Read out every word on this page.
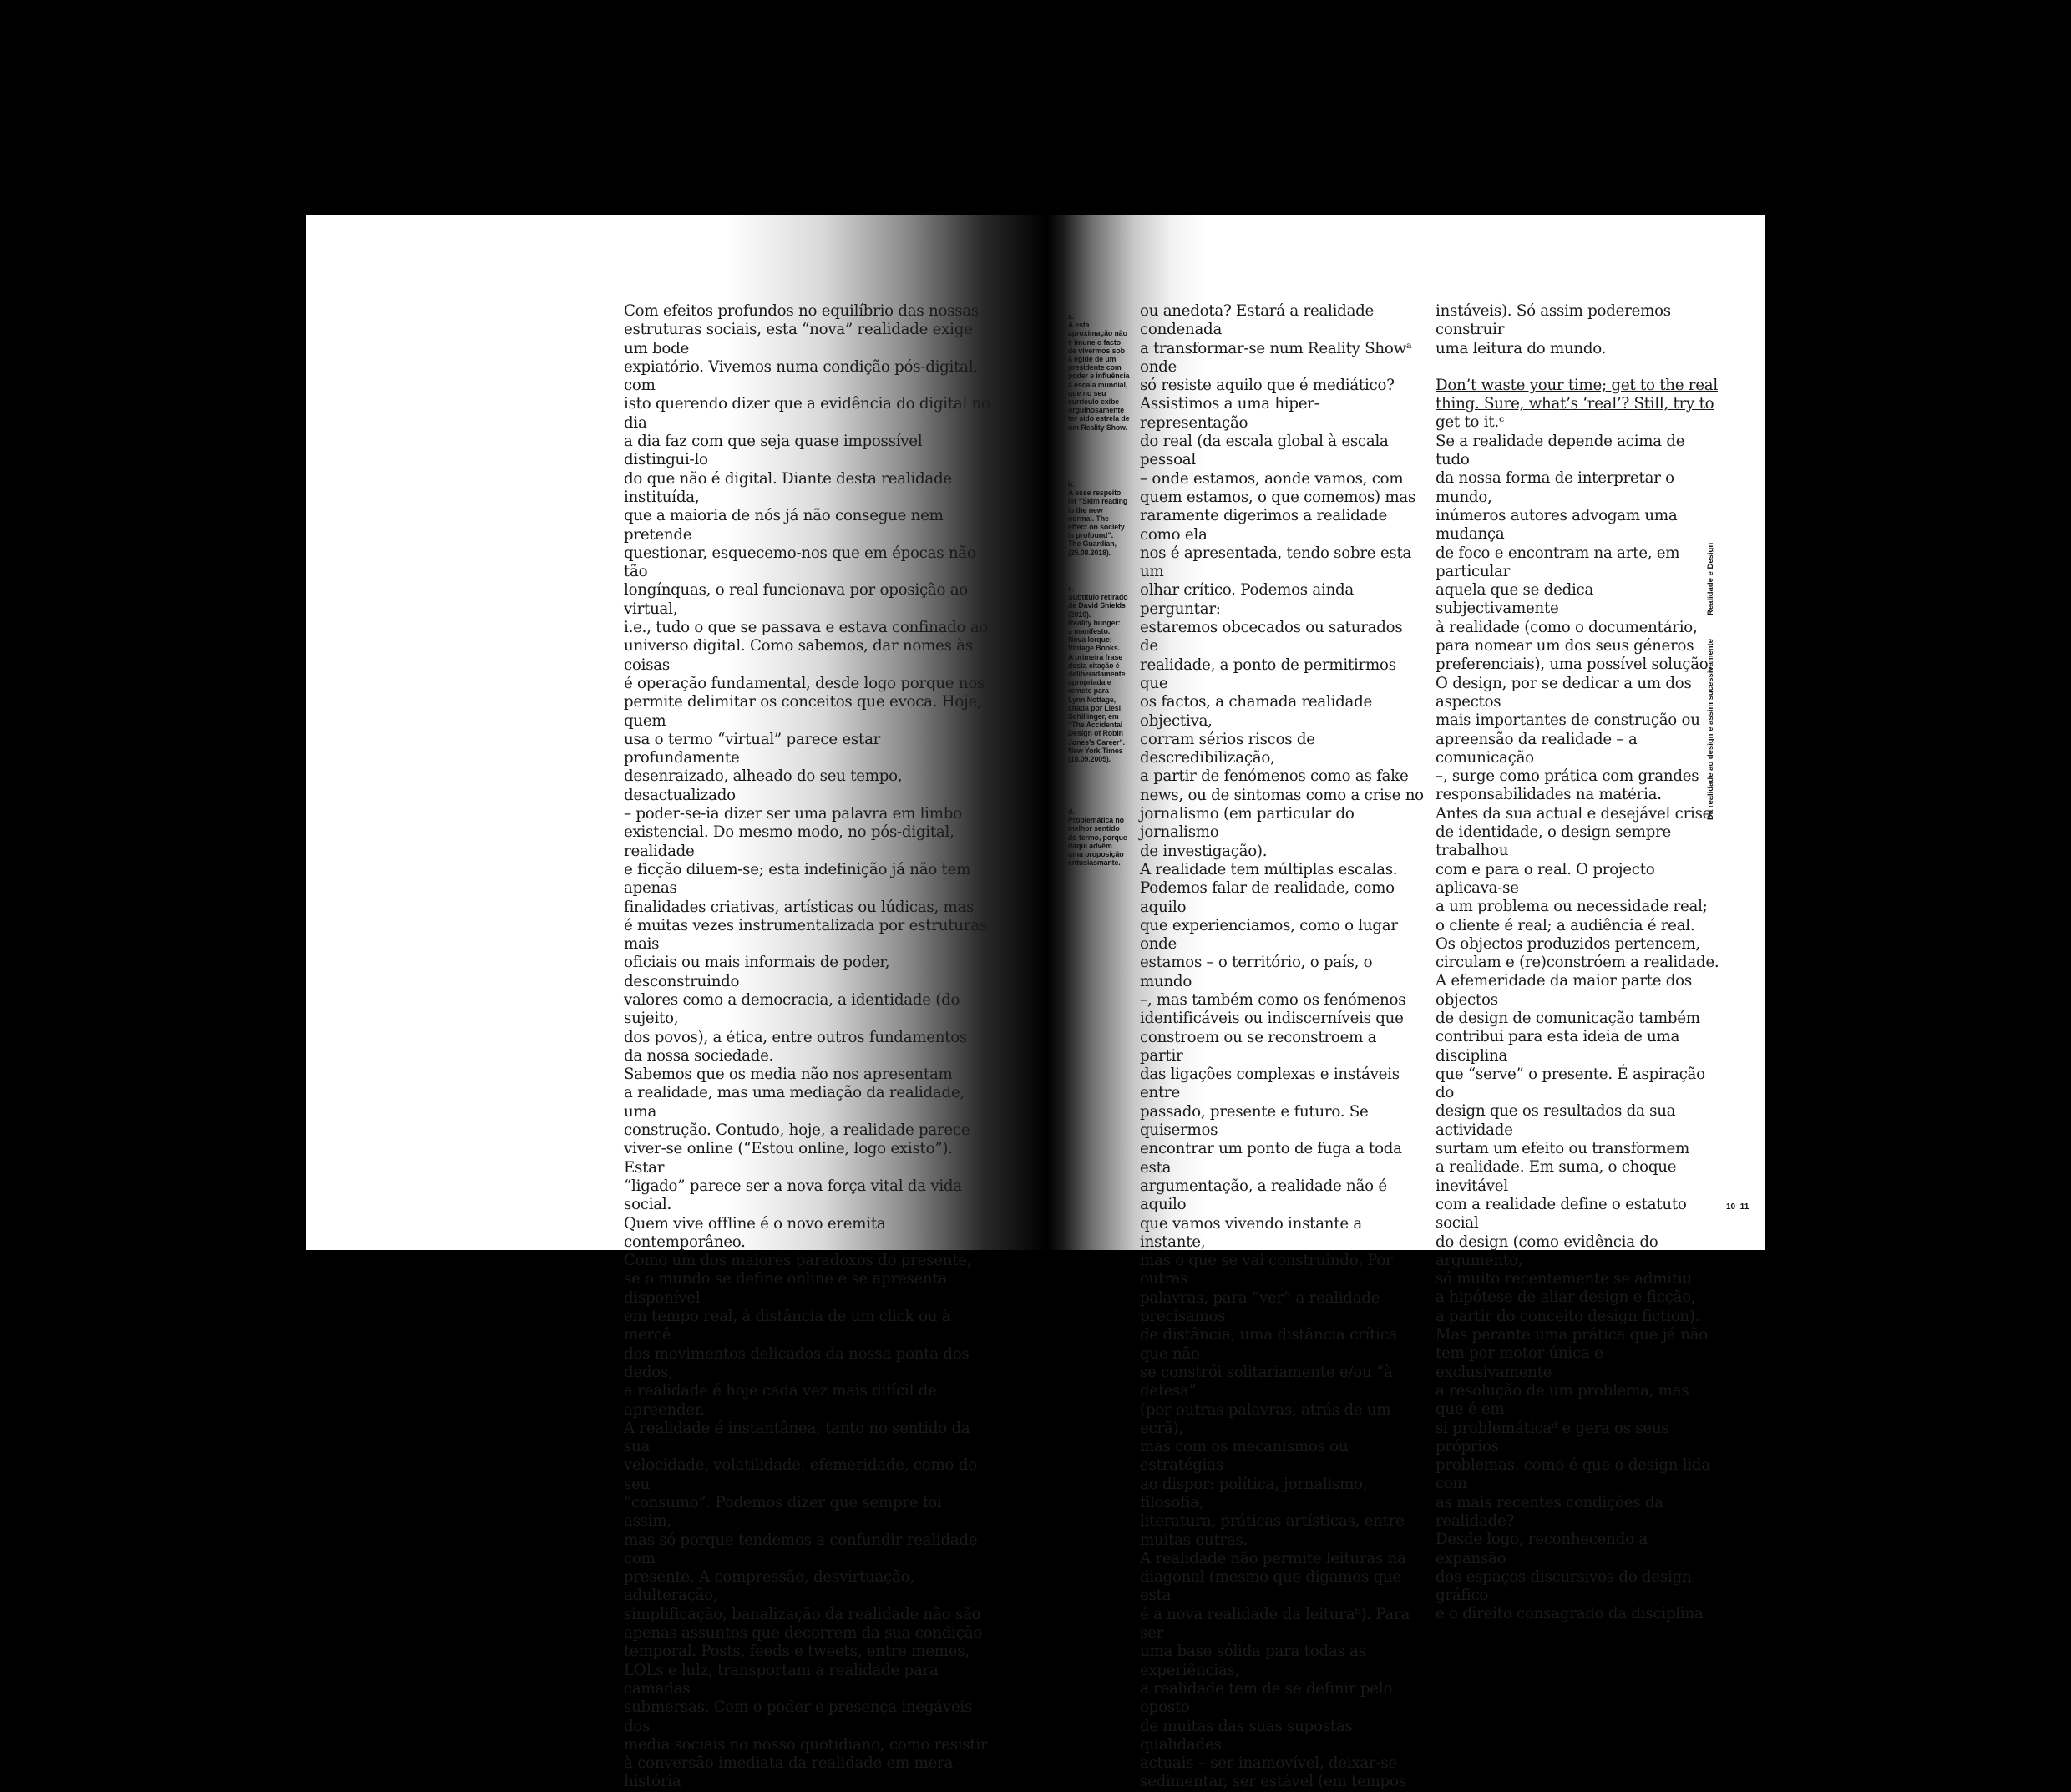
Com efeitos profundos no equilíbrio das nossas

estruturas sociais, esta “nova” realidade exige um bode

expiatório. Vivemos numa condição pós-digital, com

isto querendo dizer que a evidência do digital no dia

a dia faz com que seja quase impossível distingui-lo

do que não é digital. Diante desta realidade instituída,

que a maioria de nós já não consegue nem pretende

questionar, esquecemo-nos que em épocas não tão

longínquas, o real funcionava por oposição ao virtual,

i.e., tudo o que se passava e estava confinado ao

universo digital. Como sabemos, dar nomes às coisas

é operação fundamental, desde logo porque nos

permite delimitar os conceitos que evoca. Hoje, quem

usa o termo “virtual” parece estar profundamente

desenraizado, alheado do seu tempo, desactualizado

– poder-se-ia dizer ser uma palavra em limbo

existencial. Do mesmo modo, no pós-digital, realidade

e ficção diluem-se; esta indefinição já não tem apenas

finalidades criativas, artísticas ou lúdicas, mas

é muitas vezes instrumentalizada por estruturas mais

oficiais ou mais informais de poder, desconstruindo

valores como a democracia, a identidade (do sujeito,

dos povos), a ética, entre outros fundamentos

da nossa sociedade.

Sabemos que os media não nos apresentam

a realidade, mas uma mediação da realidade, uma

construção. Contudo, hoje, a realidade parece

viver-se online (“Estou online, logo existo”). Estar

“ligado” parece ser a nova força vital da vida social.

Quem vive offline é o novo eremita contemporâneo.

Como um dos maiores paradoxos do presente,

se o mundo se define online e se apresenta disponível

em tempo real, à distância de um click ou à mercê

dos movimentos delicados da nossa ponta dos dedos,

a realidade é hoje cada vez mais difícil de apreender.

A realidade é instantânea, tanto no sentido da sua

velocidade, volatilidade, efemeridade, como do seu

“consumo”. Podemos dizer que sempre foi assim,

mas só porque tendemos a confundir realidade com

presente. A compressão, desvirtuação, adulteração,

simplificação, banalização da realidade não são

apenas assuntos que decorrem da sua condição

temporal. Posts, feeds e tweets, entre memes,

LOLs e lulz, transportam a realidade para camadas

submersas. Com o poder e presença inegáveis dos

media sociais no nosso quotidiano, como resistir

à conversão imediata da realidade em mera história

a.

A esta

aproximação não

é imune o facto

de vivermos sob

a égide de um

presidente com

poder e influência

à escala mundial,

que no seu

currículo exibe

orgulhosamente

ter sido estrela de

um Reality Show.

b.

A esse respeito

ler “Skim reading

is the new

normal. The

effect on society

is profound”.

The Guardian,

(25.08.2018).

c.

Subtítulo retirado

de David Shields

(2010).

Reality hunger:

a manifesto.

Nova Iorque:

Vintage Books.

A primeira frase

desta citação é

deliberadamente

apropriada e

remete para

Lynn Nottage,

citada por Liesl

Schillinger, em

“The Accidental

Design of Robin

Jones’s Career”.

New York Times

(18.09.2005).

d.

Problemática no

melhor sentido

do termo, porque

daqui advêm

uma proposição

entusiasmante.

ou anedota? Estará a realidade condenada

a transformar-se num Reality Showᵃ onde

só resiste aquilo que é mediático?

Assistimos a uma hiper-representação

do real (da escala global à escala pessoal

– onde estamos, aonde vamos, com

quem estamos, o que comemos) mas

raramente digerimos a realidade como ela

nos é apresentada, tendo sobre esta um

olhar crítico. Podemos ainda perguntar:

estaremos obcecados ou saturados de

realidade, a ponto de permitirmos que

os factos, a chamada realidade objectiva,

corram sérios riscos de descredibilização,

a partir de fenómenos como as fake

news, ou de sintomas como a crise no

jornalismo (em particular do jornalismo

de investigação).

A realidade tem múltiplas escalas.

Podemos falar de realidade, como aquilo

que experienciamos, como o lugar onde

estamos – o território, o país, o mundo

–, mas também como os fenómenos

identificáveis ou indiscerníveis que

constroem ou se reconstroem a partir

das ligações complexas e instáveis entre

passado, presente e futuro. Se quisermos

encontrar um ponto de fuga a toda esta

argumentação, a realidade não é aquilo

que vamos vivendo instante a instante,

mas o que se vai construindo. Por outras

palavras, para “ver” a realidade precisamos

de distância, uma distância crítica que não

se constrói solitariamente e/ou “à defesa”

(por outras palavras, atrás de um ecrã),

mas com os mecanismos ou estratégias

ao dispor: política, jornalismo, filosofia,

literatura, práticas artísticas, entre

muitas outras.

A realidade não permite leituras na

diagonal (mesmo que digamos que esta

é a nova realidade da leituraᵇ). Para ser

uma base sólida para todas as experiências,

a realidade tem de se definir pelo oposto

de muitas das suas supostas qualidades

actuais – ser inamovível, deixar-se

sedimentar, ser estável (em tempos

instáveis). Só assim poderemos construir

uma leitura do mundo.

Don’t waste your time; get to the real

thing. Sure, what’s ‘real’? Still, try to

get to it.ᶜ

Se a realidade depende acima de tudo

da nossa forma de interpretar o mundo,

inúmeros autores advogam uma mudança

de foco e encontram na arte, em particular

aquela que se dedica subjectivamente

à realidade (como o documentário,

para nomear um dos seus géneros

preferenciais), uma possível solução.

O design, por se dedicar a um dos aspectos

mais importantes de construção ou

apreensão da realidade – a comunicação

–, surge como prática com grandes

responsabilidades na matéria.

Antes da sua actual e desejável crise

de identidade, o design sempre trabalhou

com e para o real. O projecto aplicava-se

a um problema ou necessidade real;

o cliente é real; a audiência é real.

Os objectos produzidos pertencem,

circulam e (re)constróem a realidade.

A efemeridade da maior parte dos objectos

de design de comunicação também

contribui para esta ideia de uma disciplina

que “serve” o presente. É aspiração do

design que os resultados da sua actividade

surtam um efeito ou transformem

a realidade. Em suma, o choque inevitável

com a realidade define o estatuto social

do design (como evidência do argumento,

só muito recentemente se admitiu

a hipótese de aliar design e ficção,

a partir do conceito design fiction).

Mas perante uma prática que já não

tem por motor única e exclusivamente

a resolução de um problema, mas que é em

si problemáticaᵈ e gera os seus próprios

problemas, como é que o design lida com

as mais recentes condições da realidade?

Desde logo, reconhecendo a expansão

dos espaços discursivos do design gráfico

e o direito consagrado da disciplina

Da realidade ao design e assim sucessivamenteRealidade e Design
10–11
